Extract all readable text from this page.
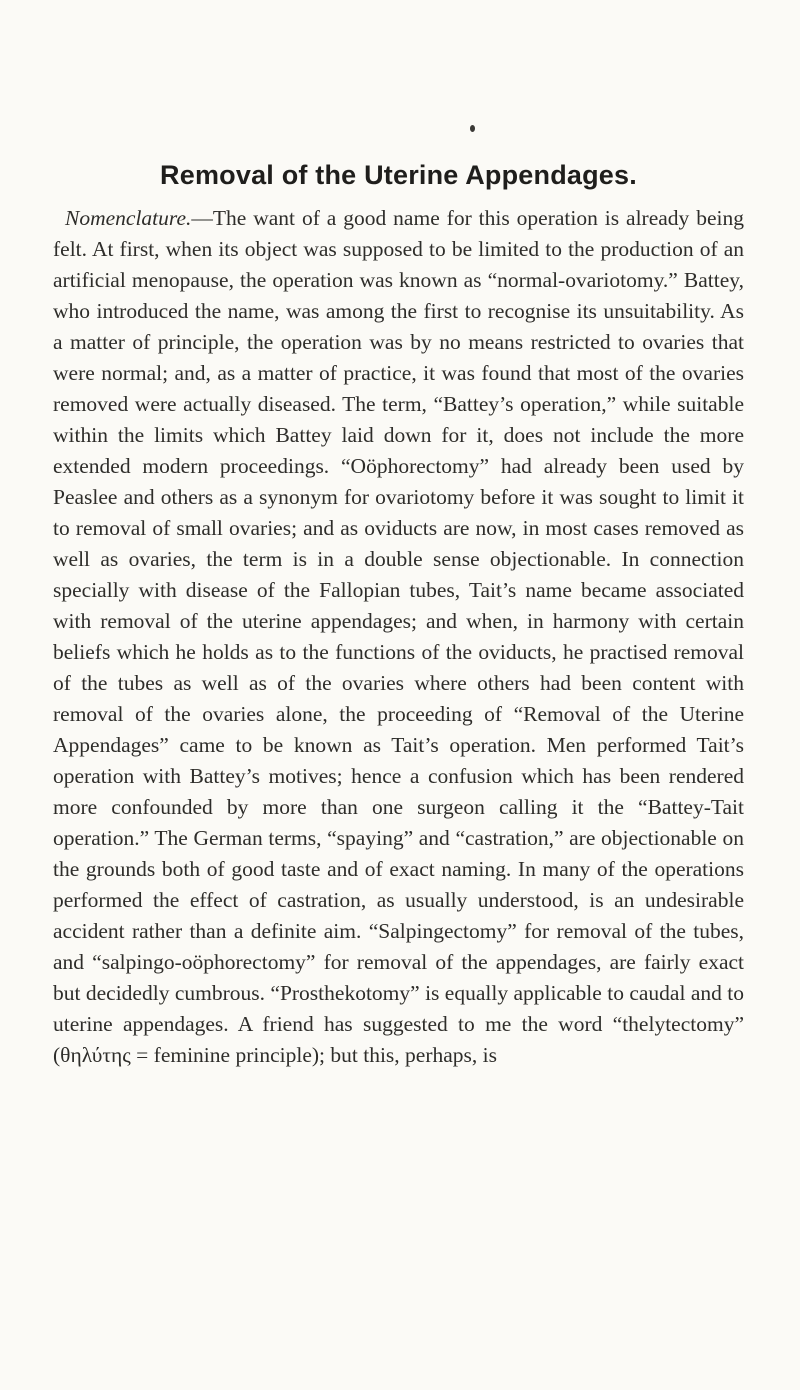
Removal of the Uterine Appendages.

Nomenclature.—The want of a good name for this operation is already being felt. At first, when its object was supposed to be limited to the production of an artificial menopause, the operation was known as “normal-ovariotomy.” Battey, who introduced the name, was among the first to recognise its unsuitability. As a matter of principle, the operation was by no means restricted to ovaries that were normal; and, as a matter of practice, it was found that most of the ovaries removed were actually diseased. The term, “Battey’s operation,” while suitable within the limits which Battey laid down for it, does not include the more extended modern proceedings. “Oöphorectomy” had already been used by Peaslee and others as a synonym for ovariotomy before it was sought to limit it to removal of small ovaries; and as oviducts are now, in most cases removed as well as ovaries, the term is in a double sense objectionable. In connection specially with disease of the Fallopian tubes, Tait’s name became associated with removal of the uterine appendages; and when, in harmony with certain beliefs which he holds as to the functions of the oviducts, he practised removal of the tubes as well as of the ovaries where others had been content with removal of the ovaries alone, the proceeding of “Removal of the Uterine Appendages” came to be known as Tait’s operation. Men performed Tait’s operation with Battey’s motives; hence a confusion which has been rendered more confounded by more than one surgeon calling it the “Battey-Tait operation.” The German terms, “spaying” and “castration,” are objectionable on the grounds both of good taste and of exact naming. In many of the operations performed the effect of castration, as usually understood, is an undesirable accident rather than a definite aim. “Salpingectomy” for removal of the tubes, and “salpingo-oöphorectomy” for removal of the appendages, are fairly exact but decidedly cumbrous. “Prosthekotomy” is equally applicable to caudal and to uterine appendages. A friend has suggested to me the word “thelytectomy” (θηλύτης = feminine principle); but this, perhaps, is
